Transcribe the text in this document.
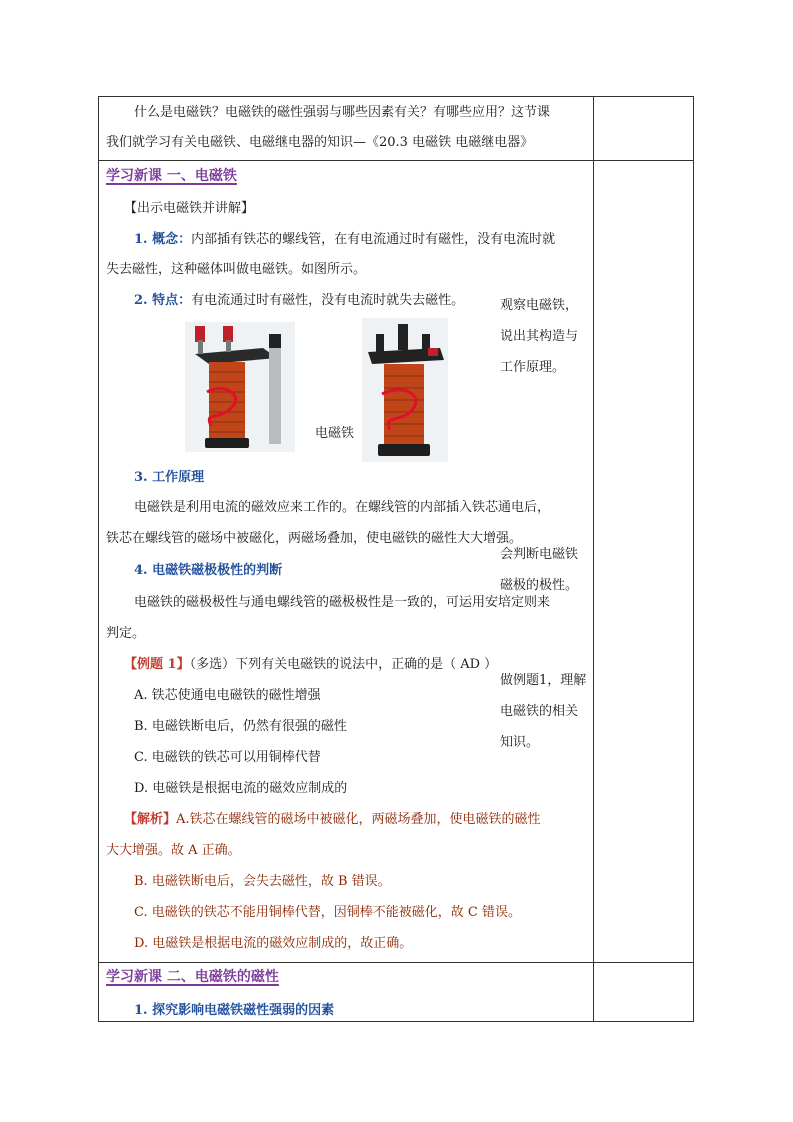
什么是电磁铁？电磁铁的磁性强弱与哪些因素有关？有哪些应用？这节课
我们就学习有关电磁铁、电磁继电器的知识—《20.3 电磁铁 电磁继电器》
学习新课 一、电磁铁
【出示电磁铁并讲解】
1. 概念：内部插有铁芯的螺线管，在有电流通过时有磁性，没有电流时就
失去磁性，这种磁体叫做电磁铁。如图所示。
2. 特点：有电流通过时有磁性，没有电流时就失去磁性。
电磁铁
3. 工作原理
电磁铁是利用电流的磁效应来工作的。在螺线管的内部插入铁芯通电后，
铁芯在螺线管的磁场中被磁化，两磁场叠加，使电磁铁的磁性大大增强。
4. 电磁铁磁极极性的判断
电磁铁的磁极极性与通电螺线管的磁极极性是一致的，可运用安培定则来
判定。
【例题 1】（多选）下列有关电磁铁的说法中，正确的是（ AD ）
A. 铁芯使通电电磁铁的磁性增强
B. 电磁铁断电后，仍然有很强的磁性
C. 电磁铁的铁芯可以用铜棒代替
D. 电磁铁是根据电流的磁效应制成的
【解析】A.铁芯在螺线管的磁场中被磁化，两磁场叠加，使电磁铁的磁性
大大增强。故 A 正确。
B. 电磁铁断电后，会失去磁性，故 B 错误。
C. 电磁铁的铁芯不能用铜棒代替，因铜棒不能被磁化，故 C 错误。
D. 电磁铁是根据电流的磁效应制成的，故正确。
观察电磁铁，
说出其构造与
工作原理。
会判断电磁铁
磁极的极性。
做例题1，理解
电磁铁的相关
知识。
学习新课 二、电磁铁的磁性
1. 探究影响电磁铁磁性强弱的因素
